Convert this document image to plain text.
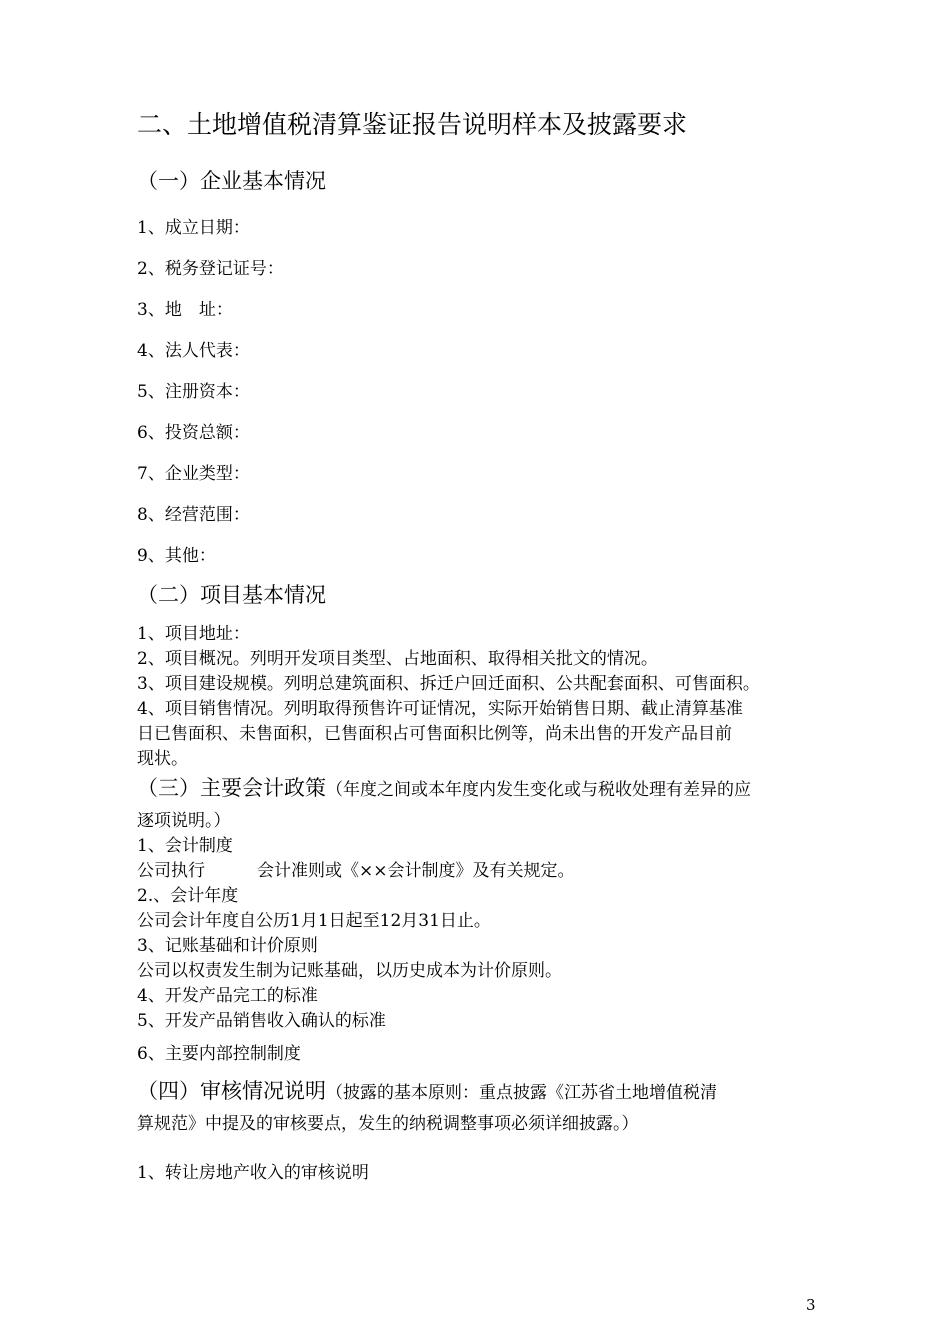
二、土地增值税清算鉴证报告说明样本及披露要求
（一）企业基本情况
1、成立日期：
2、税务登记证号：
3、地　址：
4、法人代表：
5、注册资本：
6、投资总额：
7、企业类型：
8、经营范围：
9、其他：
（二）项目基本情况
1、项目地址：
2、项目概况。列明开发项目类型、占地面积、取得相关批文的情况。
3、项目建设规模。列明总建筑面积、拆迁户回迁面积、公共配套面积、可售面积。
4、项目销售情况。列明取得预售许可证情况，实际开始销售日期、截止清算基准
日已售面积、未售面积，已售面积占可售面积比例等，尚未出售的开发产品目前
现状。
（三）主要会计政策（年度之间或本年度内发生变化或与税收处理有差异的应
逐项说明。）
1、会计制度
公司执行	会计准则或《××会计制度》及有关规定。
2.、会计年度
公司会计年度自公历1月1日起至12月31日止。
3、记账基础和计价原则
公司以权责发生制为记账基础，以历史成本为计价原则。
4、开发产品完工的标准
5、开发产品销售收入确认的标准
6、主要内部控制制度
（四）审核情况说明（披露的基本原则：重点披露《江苏省土地增值税清
算规范》中提及的审核要点，发生的纳税调整事项必须详细披露。）
1、转让房地产收入的审核说明
3
